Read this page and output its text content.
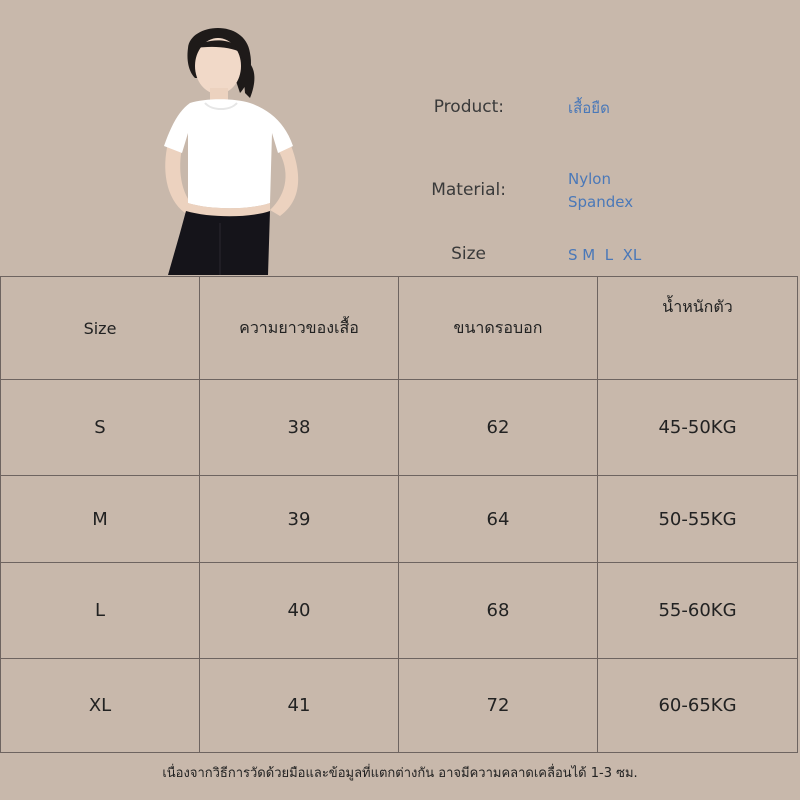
Product:	เสื้อยืด
Material:
Nylon
Spandex
Size	S M  L  XL
Size	ความยาวของเสื้อ	ขนาดรอบอก	น้ำหนักตัว
S	38	62	45-50KG
M	39	64	50-55KG
L	40	68	55-60KG
XL	41	72	60-65KG
เนื่องจากวิธีการวัดด้วยมือและข้อมูลที่แตกต่างกัน อาจมีความคลาดเคลื่อนได้ 1-3 ซม.
